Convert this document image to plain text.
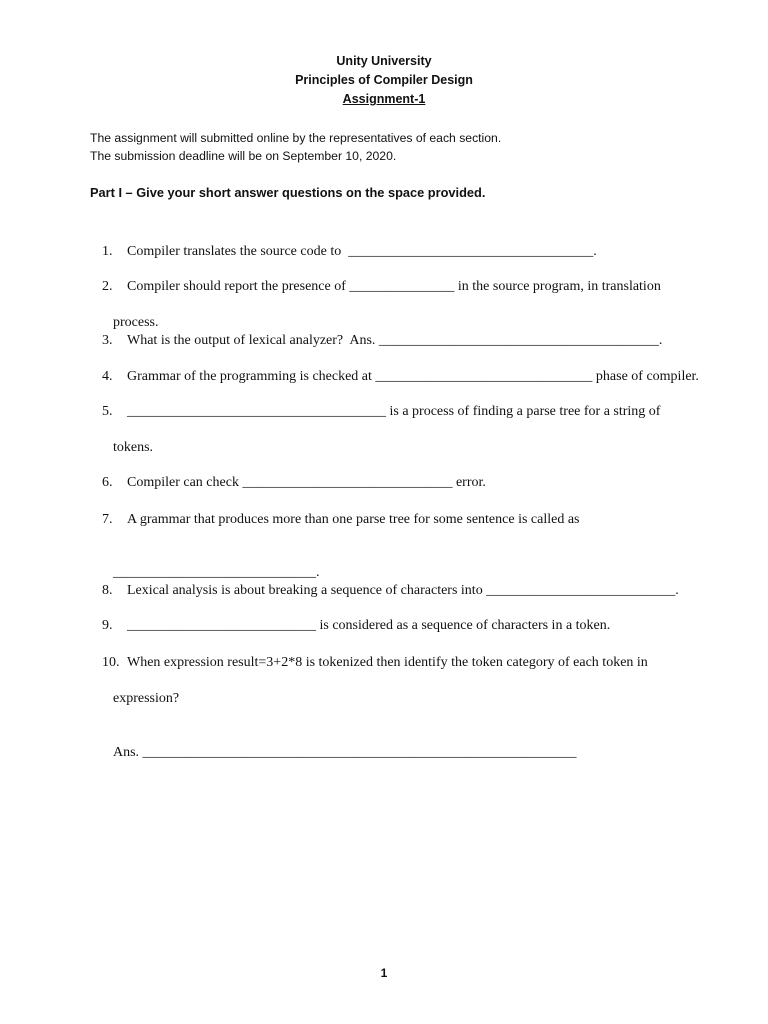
Unity University
Principles of Compiler Design
Assignment-1
The assignment will submitted online by the representatives of each section.
The submission deadline will be on September 10, 2020.
Part I – Give your short answer questions on the space provided.

1. Compiler translates the source code to  ___________________________________.

2. Compiler should report the presence of _______________ in the source program, in translation

process.

3. What is the output of lexical analyzer?  Ans. ________________________________________.

4. Grammar of the programming is checked at _______________________________ phase of compiler.

5. _____________________________________ is a process of finding a parse tree for a string of

tokens.

6. Compiler can check ______________________________ error.

7. A grammar that produces more than one parse tree for some sentence is called as

_____________________________.

8. Lexical analysis is about breaking a sequence of characters into ___________________________.

9. ___________________________ is considered as a sequence of characters in a token.

10. When expression result=3+2*8 is tokenized then identify the token category of each token in

expression?

Ans. ______________________________________________________________

1
